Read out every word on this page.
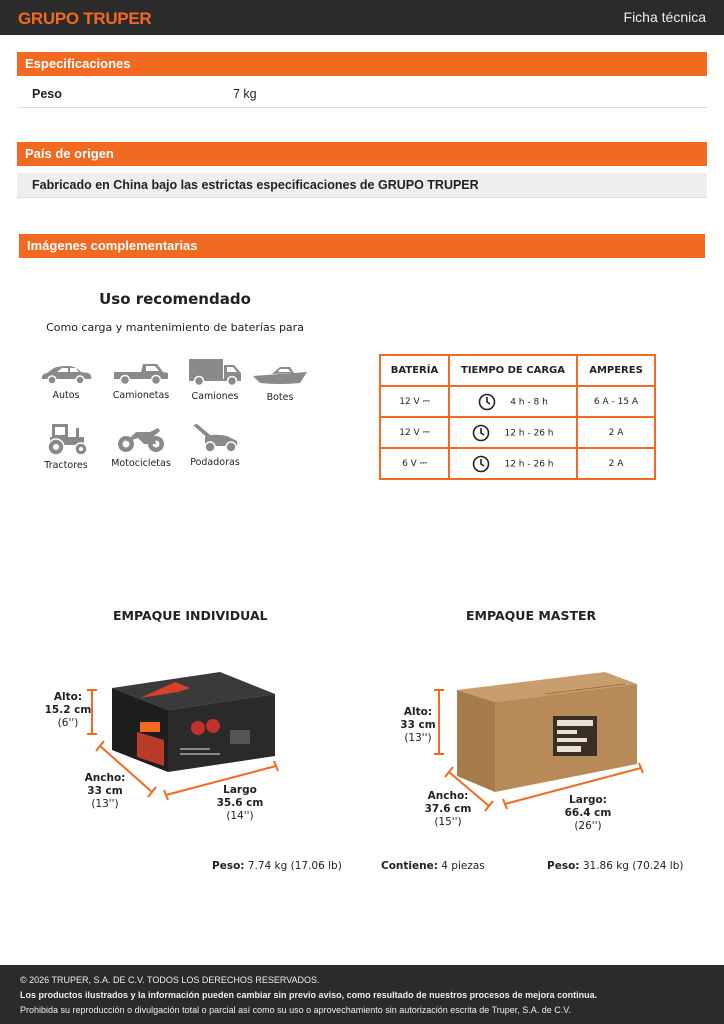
GRUPO TRUPER	Ficha técnica
Especificaciones
Peso	7 kg
País de origen
Fabricado en China bajo las estrictas especificaciones de GRUPO TRUPER
Imágenes complementarias
Uso recomendado
Como carga y mantenimiento de baterías para
Autos	Camionetas	Camiones	Botes
Tractores	Motocicletas	Podadoras
BATERÍA	TIEMPO DE CARGA	AMPERES
12 V ⎓	4 h - 8 h	6 A - 15 A
12 V ⎓	12 h - 26 h	2 A
6 V ⎓	12 h - 26 h	2 A
EMPAQUE INDIVIDUAL
Alto:
15.2 cm
(6'')
Ancho:
33 cm
(13'')
Largo
35.6 cm
(14'')
Peso: 7.74 kg (17.06 lb)
EMPAQUE MASTER
Alto:
33 cm
(13'')
Ancho:
37.6 cm
(15'')
Largo:
66.4 cm
(26'')
Contiene: 4 piezas	Peso: 31.86 kg (70.24 lb)
© 2026 TRUPER, S.A. DE C.V. TODOS LOS DERECHOS RESERVADOS.
Los productos ilustrados y la información pueden cambiar sin previo aviso, como resultado de nuestros procesos de mejora continua.
Prohibida su reproducción o divulgación total o parcial así como su uso o aprovechamiento sin autorización escrita de Truper, S.A. de C.V.
